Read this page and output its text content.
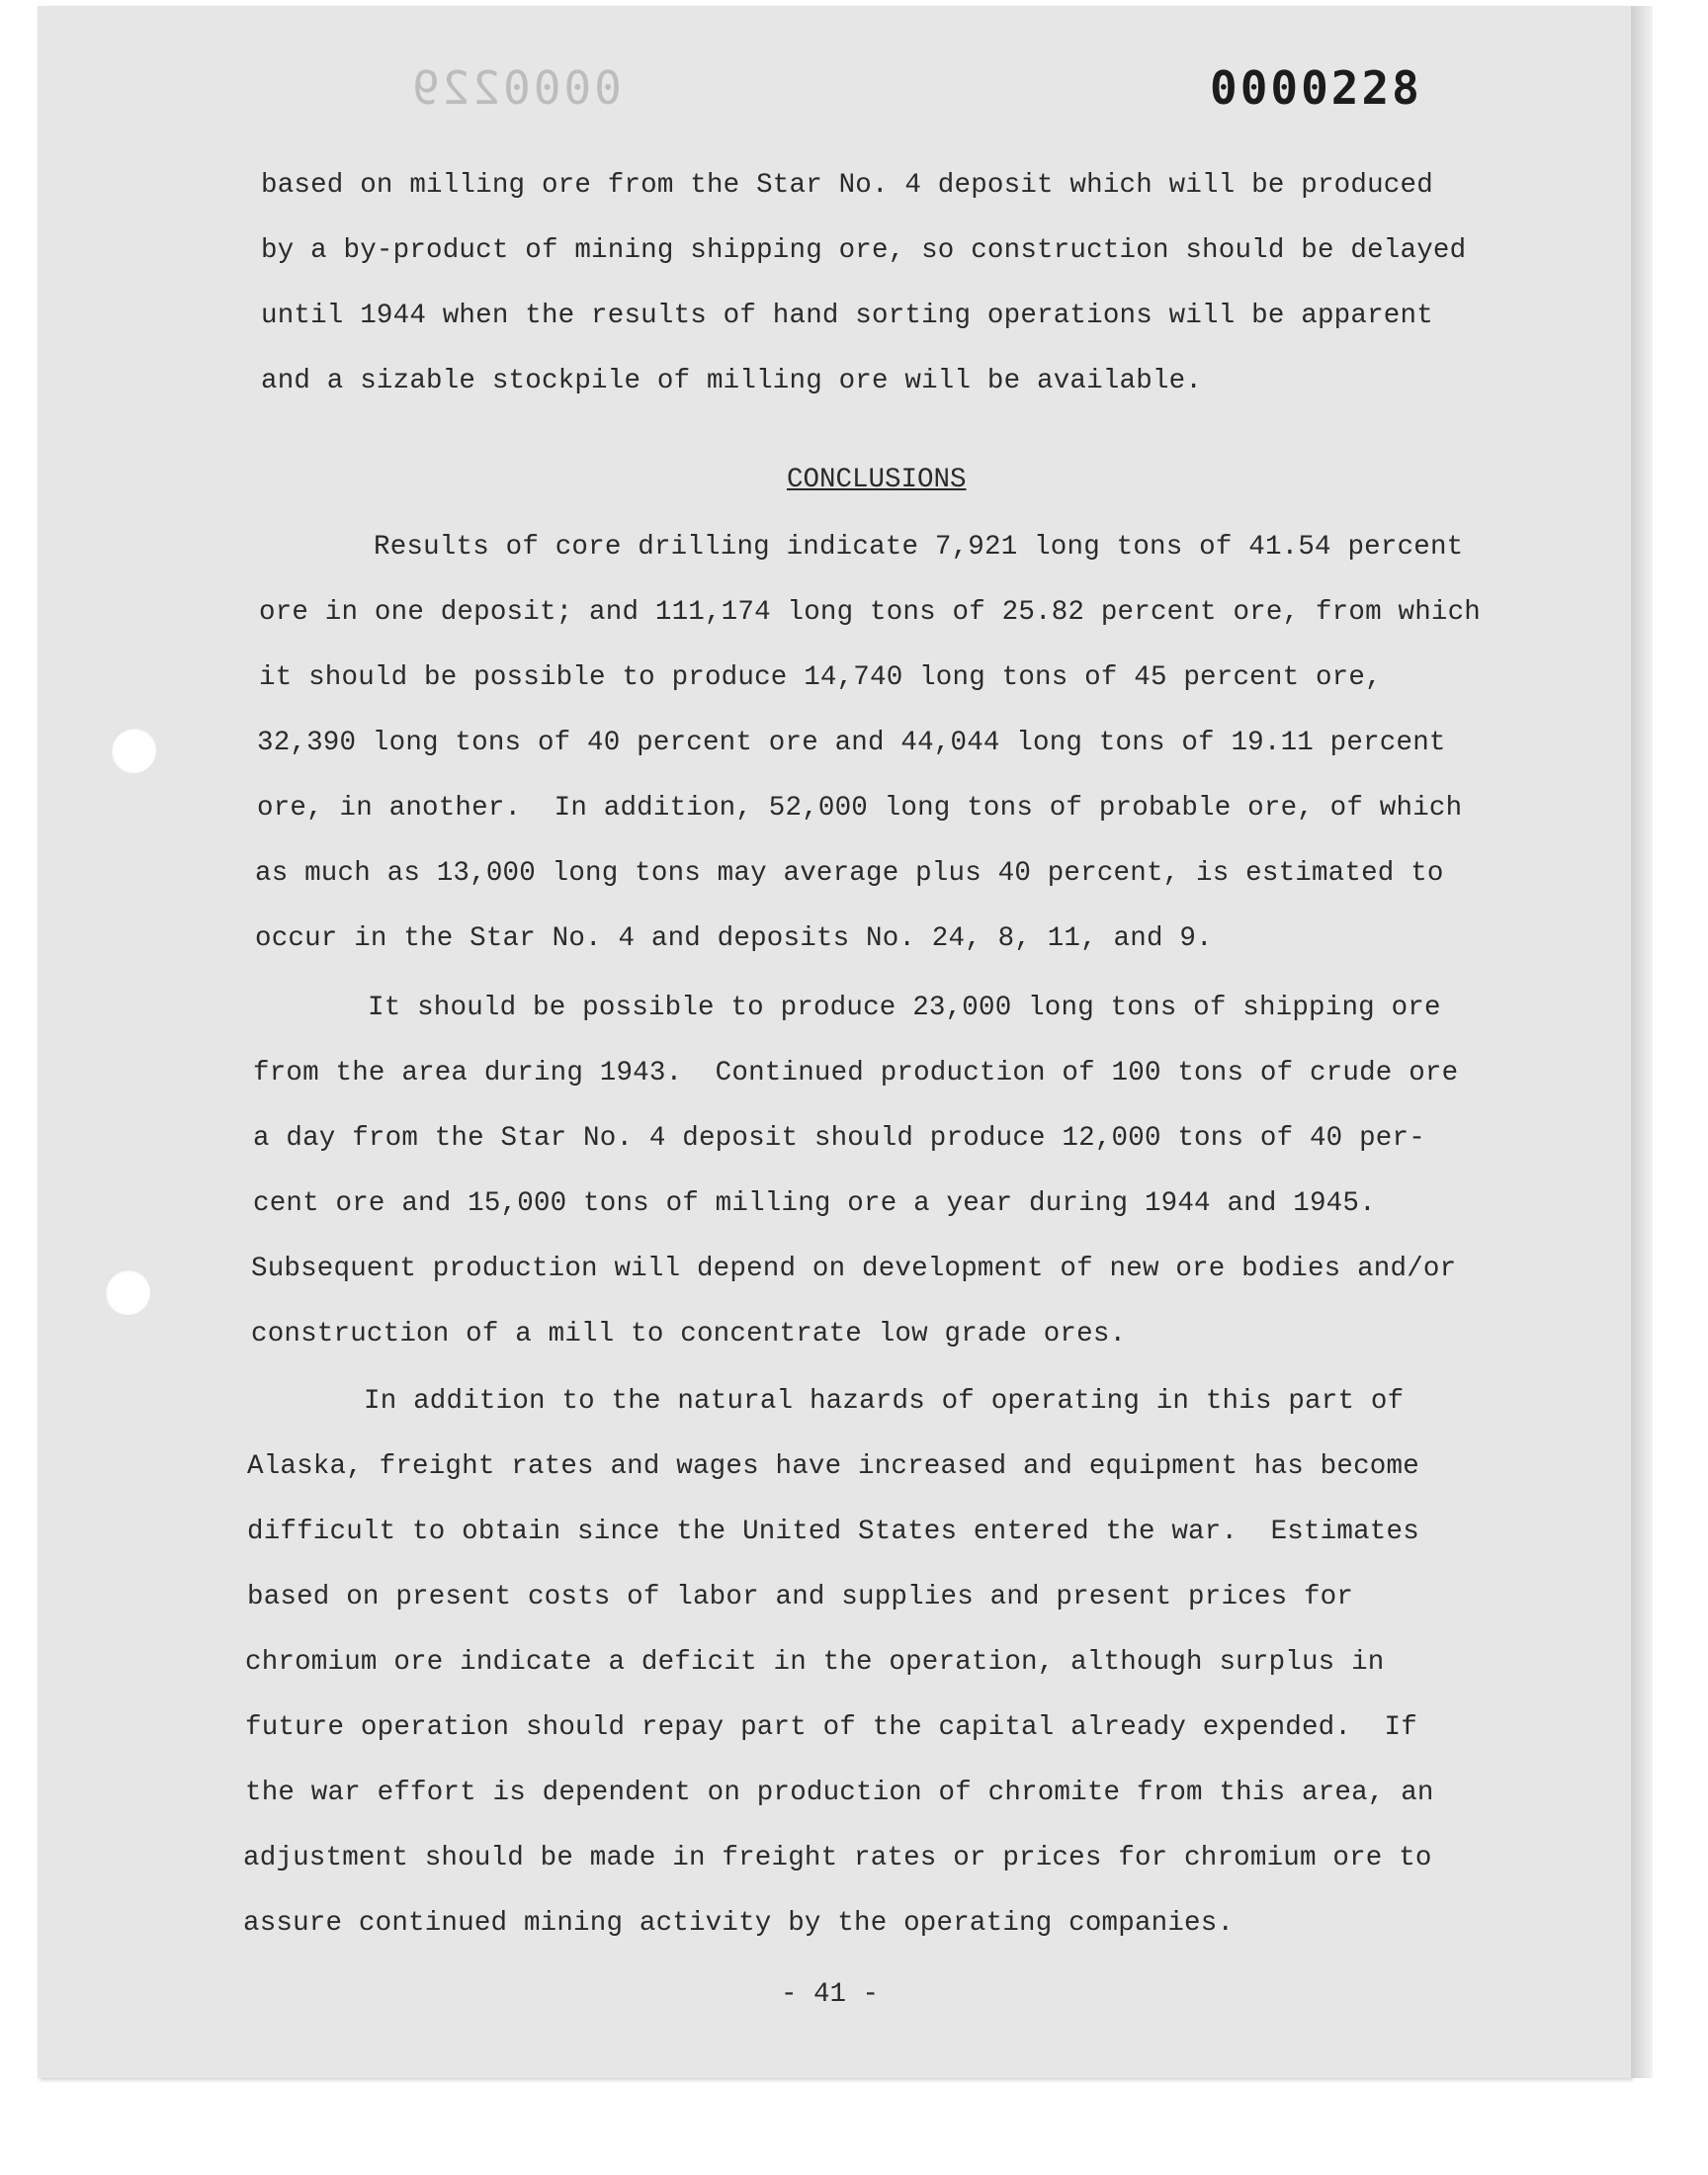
0000229	0000228
based on milling ore from the Star No. 4 deposit which will be produced
by a by-product of mining shipping ore, so construction should be delayed
until 1944 when the results of hand sorting operations will be apparent
and a sizable stockpile of milling ore will be available.
CONCLUSIONS
Results of core drilling indicate 7,921 long tons of 41.54 percent
ore in one deposit; and 111,174 long tons of 25.82 percent ore, from which
it should be possible to produce 14,740 long tons of 45 percent ore,
32,390 long tons of 40 percent ore and 44,044 long tons of 19.11 percent
ore, in another.  In addition, 52,000 long tons of probable ore, of which
as much as 13,000 long tons may average plus 40 percent, is estimated to
occur in the Star No. 4 and deposits No. 24, 8, 11, and 9.
It should be possible to produce 23,000 long tons of shipping ore
from the area during 1943.  Continued production of 100 tons of crude ore
a day from the Star No. 4 deposit should produce 12,000 tons of 40 per-
cent ore and 15,000 tons of milling ore a year during 1944 and 1945.
Subsequent production will depend on development of new ore bodies and/or
construction of a mill to concentrate low grade ores.
In addition to the natural hazards of operating in this part of
Alaska, freight rates and wages have increased and equipment has become
difficult to obtain since the United States entered the war.  Estimates
based on present costs of labor and supplies and present prices for
chromium ore indicate a deficit in the operation, although surplus in
future operation should repay part of the capital already expended.  If
the war effort is dependent on production of chromite from this area, an
adjustment should be made in freight rates or prices for chromium ore to
assure continued mining activity by the operating companies.
- 41 -
